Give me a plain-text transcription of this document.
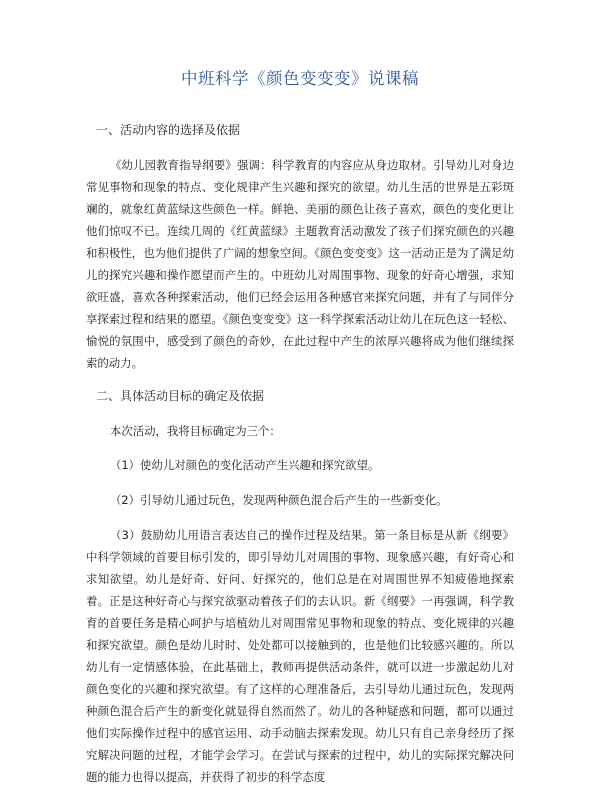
中班科学《颜色变变变》说课稿
一、活动内容的选择及依据

《幼儿园教育指导纲要》强调：科学教育的内容应从身边取材。引导幼儿对身边常见事物和现象的特点、变化规律产生兴趣和探究的欲望。幼儿生活的世界是五彩斑斓的，就象红黄蓝绿这些颜色一样。鲜艳、美丽的颜色让孩子喜欢，颜色的变化更让他们惊叹不已。连续几周的《红黄蓝绿》主题教育活动激发了孩子们探究颜色的兴趣和积极性，也为他们提供了广阔的想象空间。《颜色变变变》这一活动正是为了满足幼儿的探究兴趣和操作愿望而产生的。中班幼儿对周围事物、现象的好奇心增强，求知欲旺盛，喜欢各种探索活动，他们已经会运用各种感官来探究问题，并有了与同伴分享探索过程和结果的愿望。《颜色变变变》这一科学探索活动让幼儿在玩色这一轻松、愉悦的氛围中，感受到了颜色的奇妙，在此过程中产生的浓厚兴趣将成为他们继续探索的动力。

二、具体活动目标的确定及依据

本次活动，我将目标确定为三个：

（1）使幼儿对颜色的变化活动产生兴趣和探究欲望。

（2）引导幼儿通过玩色，发现两种颜色混合后产生的一些新变化。

（3）鼓励幼儿用语言表达自己的操作过程及结果。第一条目标是从新《纲要》中科学领域的首要目标引发的，即引导幼儿对周围的事物、现象感兴趣，有好奇心和求知欲望。幼儿是好奇、好问、好探究的，他们总是在对周围世界不知疲倦地探索着。正是这种好奇心与探究欲驱动着孩子们的去认识。新《纲要》一再强调，科学教育的首要任务是精心呵护与培植幼儿对周围常见事物和现象的特点、变化规律的兴趣和探究欲望。颜色是幼儿时时、处处都可以接触到的，也是他们比较感兴趣的。所以幼儿有一定情感体验，在此基础上，教师再提供活动条件，就可以进一步激起幼儿对颜色变化的兴趣和探究欲望。有了这样的心理准备后，去引导幼儿通过玩色，发现两种颜色混合后产生的新变化就显得自然而然了。幼儿的各种疑惑和问题，都可以通过他们实际操作过程中的感官运用、动手动脑去探索发现。幼儿只有自己亲身经历了探究解决问题的过程，才能学会学习。在尝试与探索的过程中，幼儿的实际探究解决问题的能力也得以提高，并获得了初步的科学态度
